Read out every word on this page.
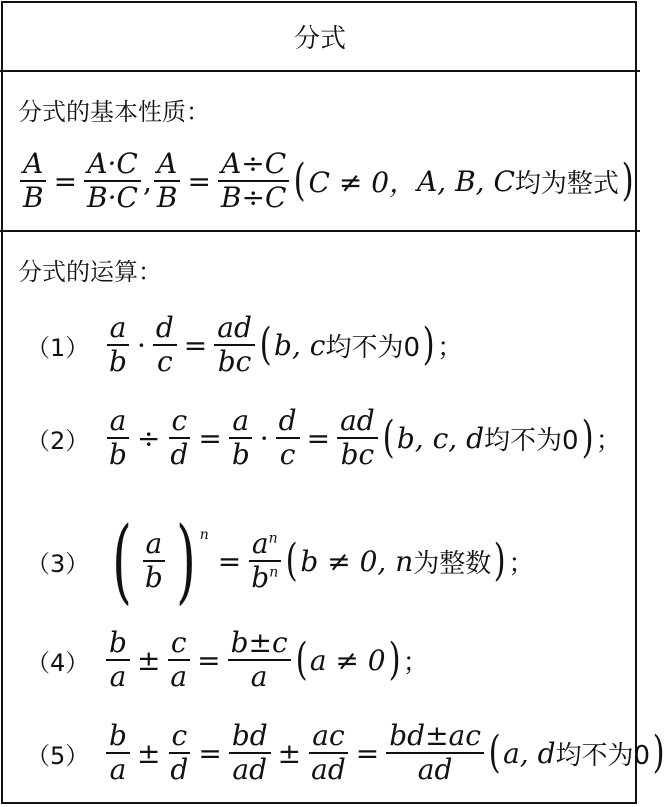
分式
分式的基本性质：
$\frac{A}{B} = \frac{A\cdot C}{B\cdot C}$ , $\frac{A}{B} = \frac{A\div C}{B\div C}$ ( C ≠ 0， A, B, C 均为整式 )
分式的运算：
$(1) \frac{a}{b} \cdot \frac{d}{c} = \frac{ad}{bc}$ ( b, c 均不为0 ) ；
$(2) \frac{a}{b} \div \frac{c}{d} = \frac{a}{b} \cdot \frac{d}{c} = \frac{ad}{bc}$ ( b, c, d 均不为0 ) ；
（3） ( $\frac{a}{b}$ ) n
= $\frac{a^n}{b^n}$ ( b ≠ 0, n 为整数 ) ；
$(4) \frac{b}{a} \pm \frac{c}{a} = \frac{b\pm c}{a}$ ( a ≠ 0 ) ；
$(5) \frac{b}{a} \pm \frac{c}{d} = \frac{bd}{ad} \pm \frac{ac}{ad} = \frac{bd\pm ac}{ad}$ ( a, d 均不为0 )
